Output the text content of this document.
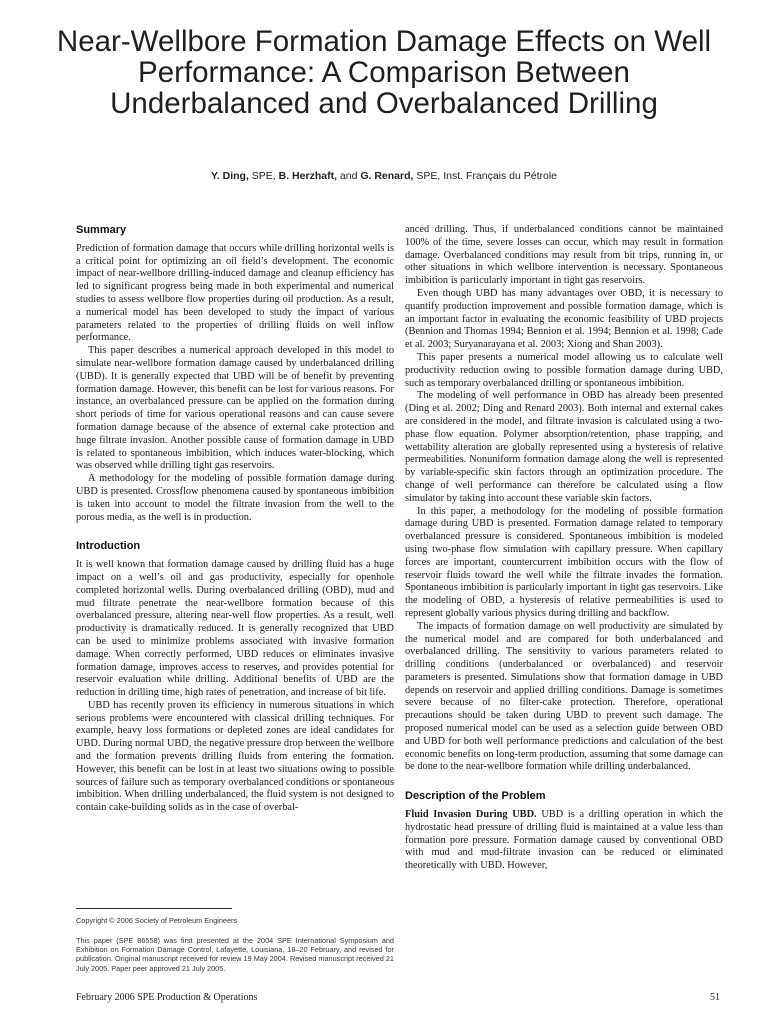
Near-Wellbore Formation Damage Effects on Well Performance: A Comparison Between Underbalanced and Overbalanced Drilling
Y. Ding, SPE, B. Herzhaft, and G. Renard, SPE, Inst. Français du Pétrole
Summary

Prediction of formation damage that occurs while drilling horizontal wells is a critical point for optimizing an oil field’s development. The economic impact of near-wellbore drilling-induced damage and cleanup efficiency has led to significant progress being made in both experimental and numerical studies to assess wellbore flow properties during oil production. As a result, a numerical model has been developed to study the impact of various parameters related to the properties of drilling fluids on well inflow performance.

This paper describes a numerical approach developed in this model to simulate near-wellbore formation damage caused by underbalanced drilling (UBD). It is generally expected that UBD will be of benefit by preventing formation damage. However, this benefit can be lost for various reasons. For instance, an overbalanced pressure can be applied on the formation during short periods of time for various operational reasons and can cause severe formation damage because of the absence of external cake protection and huge filtrate invasion. Another possible cause of formation damage in UBD is related to spontaneous imbibition, which induces water-blocking, which was observed while drilling tight gas reservoirs.

A methodology for the modeling of possible formation damage during UBD is presented. Crossflow phenomena caused by spontaneous imbibition is taken into account to model the filtrate invasion from the well to the porous media, as the well is in production.

Introduction

It is well known that formation damage caused by drilling fluid has a huge impact on a well’s oil and gas productivity, especially for openhole completed horizontal wells. During overbalanced drilling (OBD), mud and mud filtrate penetrate the near-wellbore formation because of this overbalanced pressure, altering near-well flow properties. As a result, well productivity is dramatically reduced. It is generally recognized that UBD can be used to minimize problems associated with invasive formation damage. When correctly performed, UBD reduces or eliminates invasive formation damage, improves access to reserves, and provides potential for reservoir evaluation while drilling. Additional benefits of UBD are the reduction in drilling time, high rates of penetration, and increase of bit life.

UBD has recently proven its efficiency in numerous situations in which serious problems were encountered with classical drilling techniques. For example, heavy loss formations or depleted zones are ideal candidates for UBD. During normal UBD, the negative pressure drop between the wellbore and the formation prevents drilling fluids from entering the formation. However, this benefit can be lost in at least two situations owing to possible sources of failure such as temporary overbalanced conditions or spontaneous imbibition. When drilling underbalanced, the fluid system is not designed to contain cake-building solids as in the case of overbal-

anced drilling. Thus, if underbalanced conditions cannot be maintained 100% of the time, severe losses can occur, which may result in formation damage. Overbalanced conditions may result from bit trips, running in, or other situations in which wellbore intervention is necessary. Spontaneous imbibition is particularly important in tight gas reservoirs.

Even though UBD has many advantages over OBD, it is necessary to quantify production improvement and possible formation damage, which is an important factor in evaluating the economic feasibility of UBD projects (Bennion and Thomas 1994; Bennion et al. 1994; Bennion et al. 1998; Cade et al. 2003; Suryanarayana et al. 2003; Xiong and Shan 2003).

This paper presents a numerical model allowing us to calculate well productivity reduction owing to possible formation damage during UBD, such as temporary overbalanced drilling or spontaneous imbibition.

The modeling of well performance in OBD has already been presented (Ding et al. 2002; Ding and Renard 2003). Both internal and external cakes are considered in the model, and filtrate invasion is calculated using a two-phase flow equation. Polymer absorption/retention, phase trapping, and wettability alteration are globally represented using a hysteresis of relative permeabilities. Nonuniform formation damage along the well is represented by variable-specific skin factors through an optimization procedure. The change of well performance can therefore be calculated using a flow simulator by taking into account these variable skin factors.

In this paper, a methodology for the modeling of possible formation damage during UBD is presented. Formation damage related to temporary overbalanced pressure is considered. Spontaneous imbibition is modeled using two-phase flow simulation with capillary pressure. When capillary forces are important, countercurrent imbibition occurs with the flow of reservoir fluids toward the well while the filtrate invades the formation. Spontaneous imbibition is particularly important in tight gas reservoirs. Like the modeling of OBD, a hysteresis of relative permeabilities is used to represent globally various physics during drilling and backflow.

The impacts of formation damage on well productivity are simulated by the numerical model and are compared for both underbalanced and overbalanced drilling. The sensitivity to various parameters related to drilling conditions (underbalanced or overbalanced) and reservoir parameters is presented. Simulations show that formation damage in UBD depends on reservoir and applied drilling conditions. Damage is sometimes severe because of no filter-cake protection. Therefore, operational precautions should be taken during UBD to prevent such damage. The proposed numerical model can be used as a selection guide between OBD and UBD for both well performance predictions and calculation of the best economic benefits on long-term production, assuming that some damage can be done to the near-wellbore formation while drilling underbalanced.

Description of the Problem

Fluid Invasion During UBD. UBD is a drilling operation in which the hydrostatic head pressure of drilling fluid is maintained at a value less than formation pore pressure. Formation damage caused by conventional OBD with mud and mud-filtrate invasion can be reduced or eliminated theoretically with UBD. However,

Copyright © 2006 Society of Petroleum Engineers
This paper (SPE 86558) was first presented at the 2004 SPE International Symposium and Exhibition on Formation Damage Control, Lafayette, Louisiana, 18–20 February, and revised for publication. Original manuscript received for review 19 May 2004. Revised manuscript received 21 July 2005. Paper peer approved 21 July 2005.
February 2006 SPE Production & Operations	51
